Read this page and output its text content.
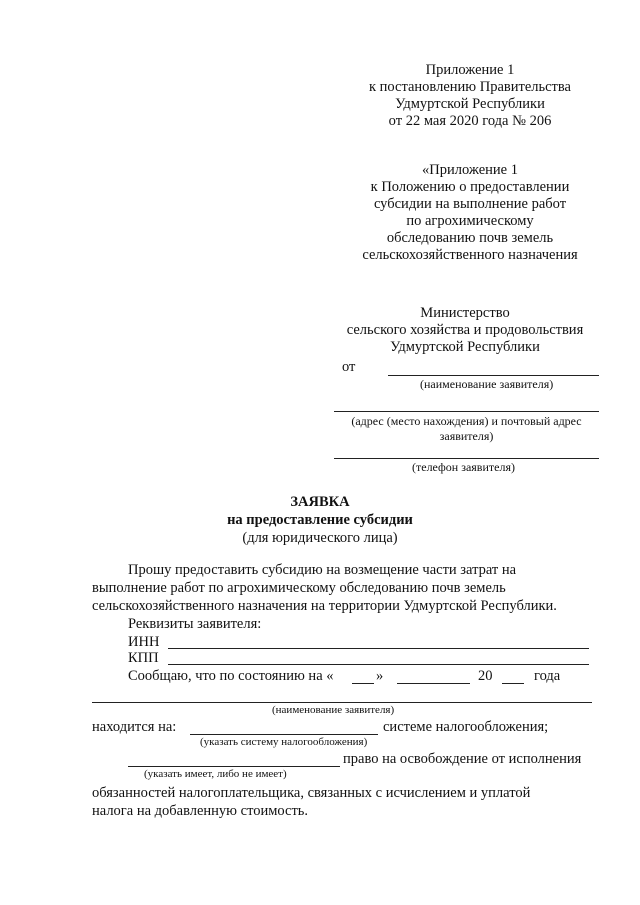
Приложение 1
к постановлению Правительства
Удмуртской Республики
от 22 мая 2020 года № 206
«Приложение 1
к Положению о предоставлении
субсидии на выполнение работ
по агрохимическому
обследованию почв земель
сельскохозяйственного назначения
Министерство
сельского хозяйства и продовольствия
Удмуртской Республики
от
(наименование заявителя)
(адрес (место нахождения) и почтовый адрес
заявителя)
(телефон заявителя)
ЗАЯВКА
на предоставление субсидии
(для юридического лица)
Прошу предоставить субсидию на возмещение части затрат на
выполнение работ по агрохимическому обследованию почв земель
сельскохозяйственного назначения на территории Удмуртской Республики.
Реквизиты заявителя:
ИНН
КПП
Сообщаю, что по состоянию на «	»	20	года
(наименование заявителя)
находится на:	системе налогообложения;
(указать систему налогообложения)
право на освобождение от исполнения
(указать имеет, либо не имеет)
обязанностей налогоплательщика, связанных с исчислением и уплатой
налога на добавленную стоимость.
